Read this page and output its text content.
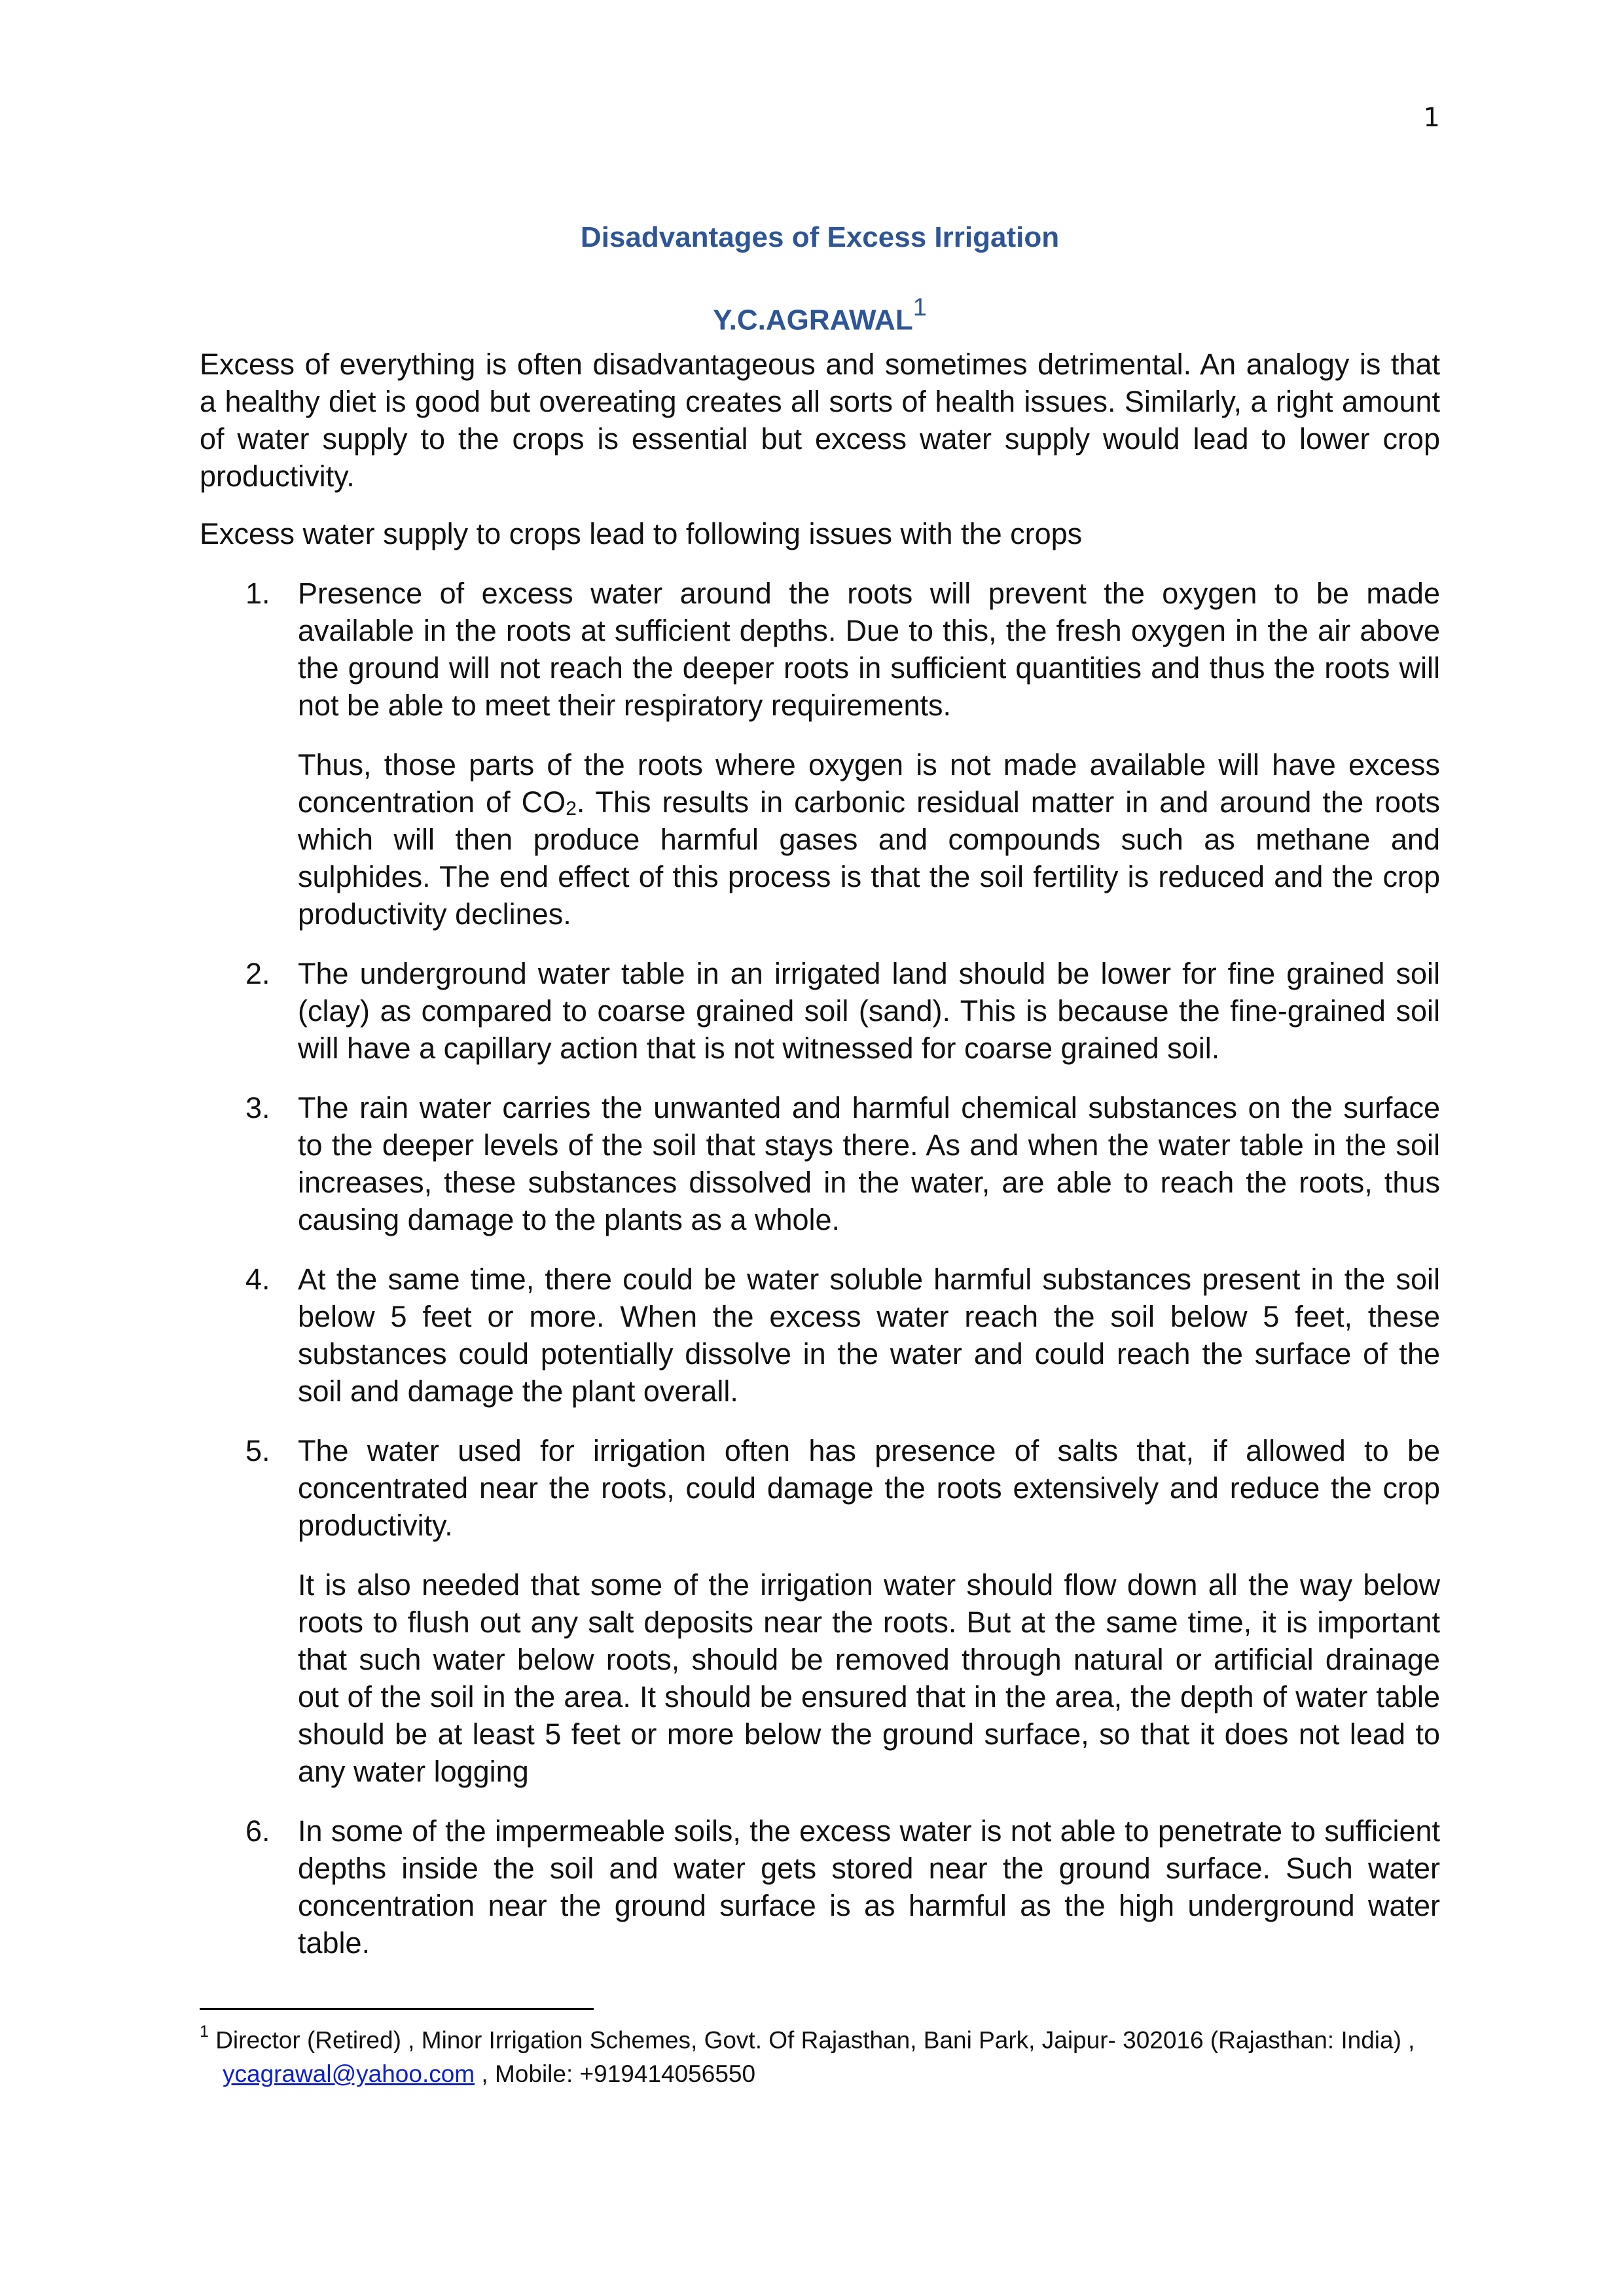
1
Disadvantages of Excess Irrigation
Y.C.AGRAWAL$^1$

Excess of everything is often disadvantageous and sometimes detrimental. An analogy is that a healthy diet is good but overeating creates all sorts of health issues. Similarly, a right amount of water supply to the crops is essential but excess water supply would lead to lower crop productivity.

Excess water supply to crops lead to following issues with the crops

1. Presence of excess water around the roots will prevent the oxygen to be made available in the roots at sufficient depths. Due to this, the fresh oxygen in the air above the ground will not reach the deeper roots in sufficient quantities and thus the roots will not be able to meet their respiratory requirements.

Thus, those parts of the roots where oxygen is not made available will have excess concentration of $CO_2$. This results in carbonic residual matter in and around the roots which will then produce harmful gases and compounds such as methane and sulphides. The end effect of this process is that the soil fertility is reduced and the crop productivity declines.

2. The underground water table in an irrigated land should be lower for fine grained soil (clay) as compared to coarse grained soil (sand). This is because the fine-grained soil will have a capillary action that is not witnessed for coarse grained soil.

3. The rain water carries the unwanted and harmful chemical substances on the surface to the deeper levels of the soil that stays there. As and when the water table in the soil increases, these substances dissolved in the water, are able to reach the roots, thus causing damage to the plants as a whole.

4. At the same time, there could be water soluble harmful substances present in the soil below 5 feet or more. When the excess water reach the soil below 5 feet, these substances could potentially dissolve in the water and could reach the surface of the soil and damage the plant overall.

5. The water used for irrigation often has presence of salts that, if allowed to be concentrated near the roots, could damage the roots extensively and reduce the crop productivity.

It is also needed that some of the irrigation water should flow down all the way below roots to flush out any salt deposits near the roots. But at the same time, it is important that such water below roots, should be removed through natural or artificial drainage out of the soil in the area. It should be ensured that in the area, the depth of water table should be at least 5 feet or more below the ground surface, so that it does not lead to any water logging

6. In some of the impermeable soils, the excess water is not able to penetrate to sufficient depths inside the soil and water gets stored near the ground surface. Such water concentration near the ground surface is as harmful as the high underground water table.

$^1$ Director (Retired) , Minor Irrigation Schemes, Govt. Of Rajasthan, Bani Park, Jaipur- 302016 (Rajasthan: India) ,
ycagrawal@yahoo.com , Mobile: +919414056550
